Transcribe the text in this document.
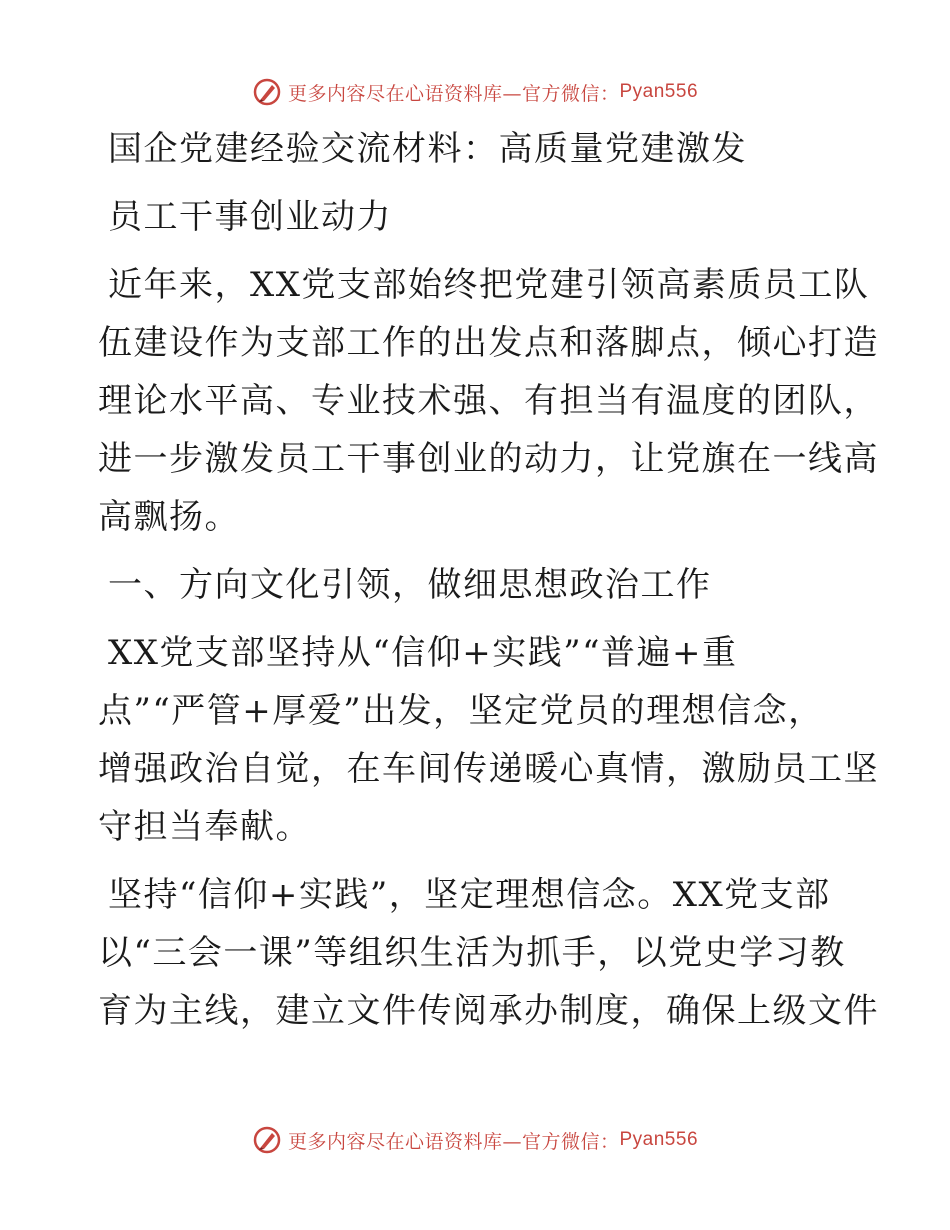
更多内容尽在心语资料库—官方微信： Pyan556
国企党建经验交流材料：高质量党建激发
员工干事创业动力
近年来，XX党支部始终把党建引领高素质员工队
伍建设作为支部工作的出发点和落脚点，倾心打造
理论水平高、专业技术强、有担当有温度的团队，
进一步激发员工干事创业的动力，让党旗在一线高
高飘扬。
一、方向文化引领，做细思想政治工作
XX党支部坚持从“信仰+实践”“普遍+重
点”“严管+厚爱”出发，坚定党员的理想信念，
增强政治自觉，在车间传递暖心真情，激励员工坚
守担当奉献。
坚持“信仰+实践”，坚定理想信念。XX党支部
以“三会一课”等组织生活为抓手，以党史学习教
育为主线，建立文件传阅承办制度，确保上级文件
更多内容尽在心语资料库—官方微信： Pyan556
